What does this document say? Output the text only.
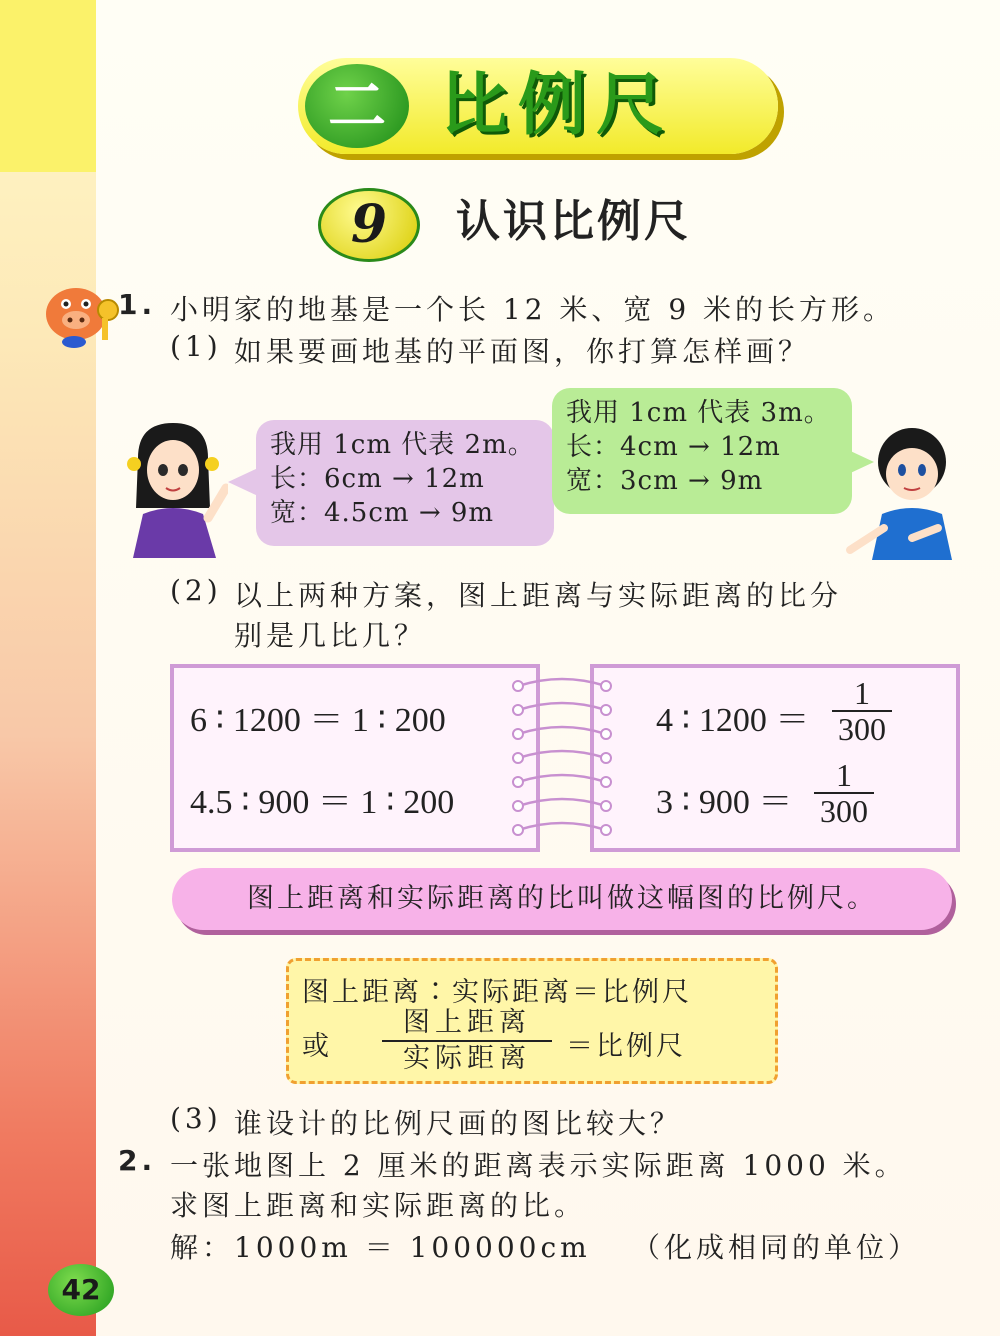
二 比例尺
9	认识比例尺
1. 小明家的地基是一个长 12 米、宽 9 米的长方形。
(1) 如果要画地基的平面图，你打算怎样画？
我用 1cm 代表 2m。
长：6cm → 12m
宽：4.5cm → 9m
我用 1cm 代表 3m。
长：4cm → 12m
宽：3cm → 9m
(2) 以上两种方案，图上距离与实际距离的比分
别是几比几？
6 ∶ 1200 ＝ 1 ∶ 200
4.5 ∶ 900 ＝ 1 ∶ 200
4 ∶ $1200 = \frac{1}{300}$
3 ∶ $900 = \frac{1}{300}$
图上距离和实际距离的比叫做这幅图的比例尺。
图上距离∶实际距离＝比例尺
或
图上距离
实际距离	＝比例尺
(3) 谁设计的比例尺画的图比较大？
2. 一张地图上 2 厘米的距离表示实际距离 1000 米。
求图上距离和实际距离的比。
解：1000m ＝ 100000cm （化成相同的单位）
42
